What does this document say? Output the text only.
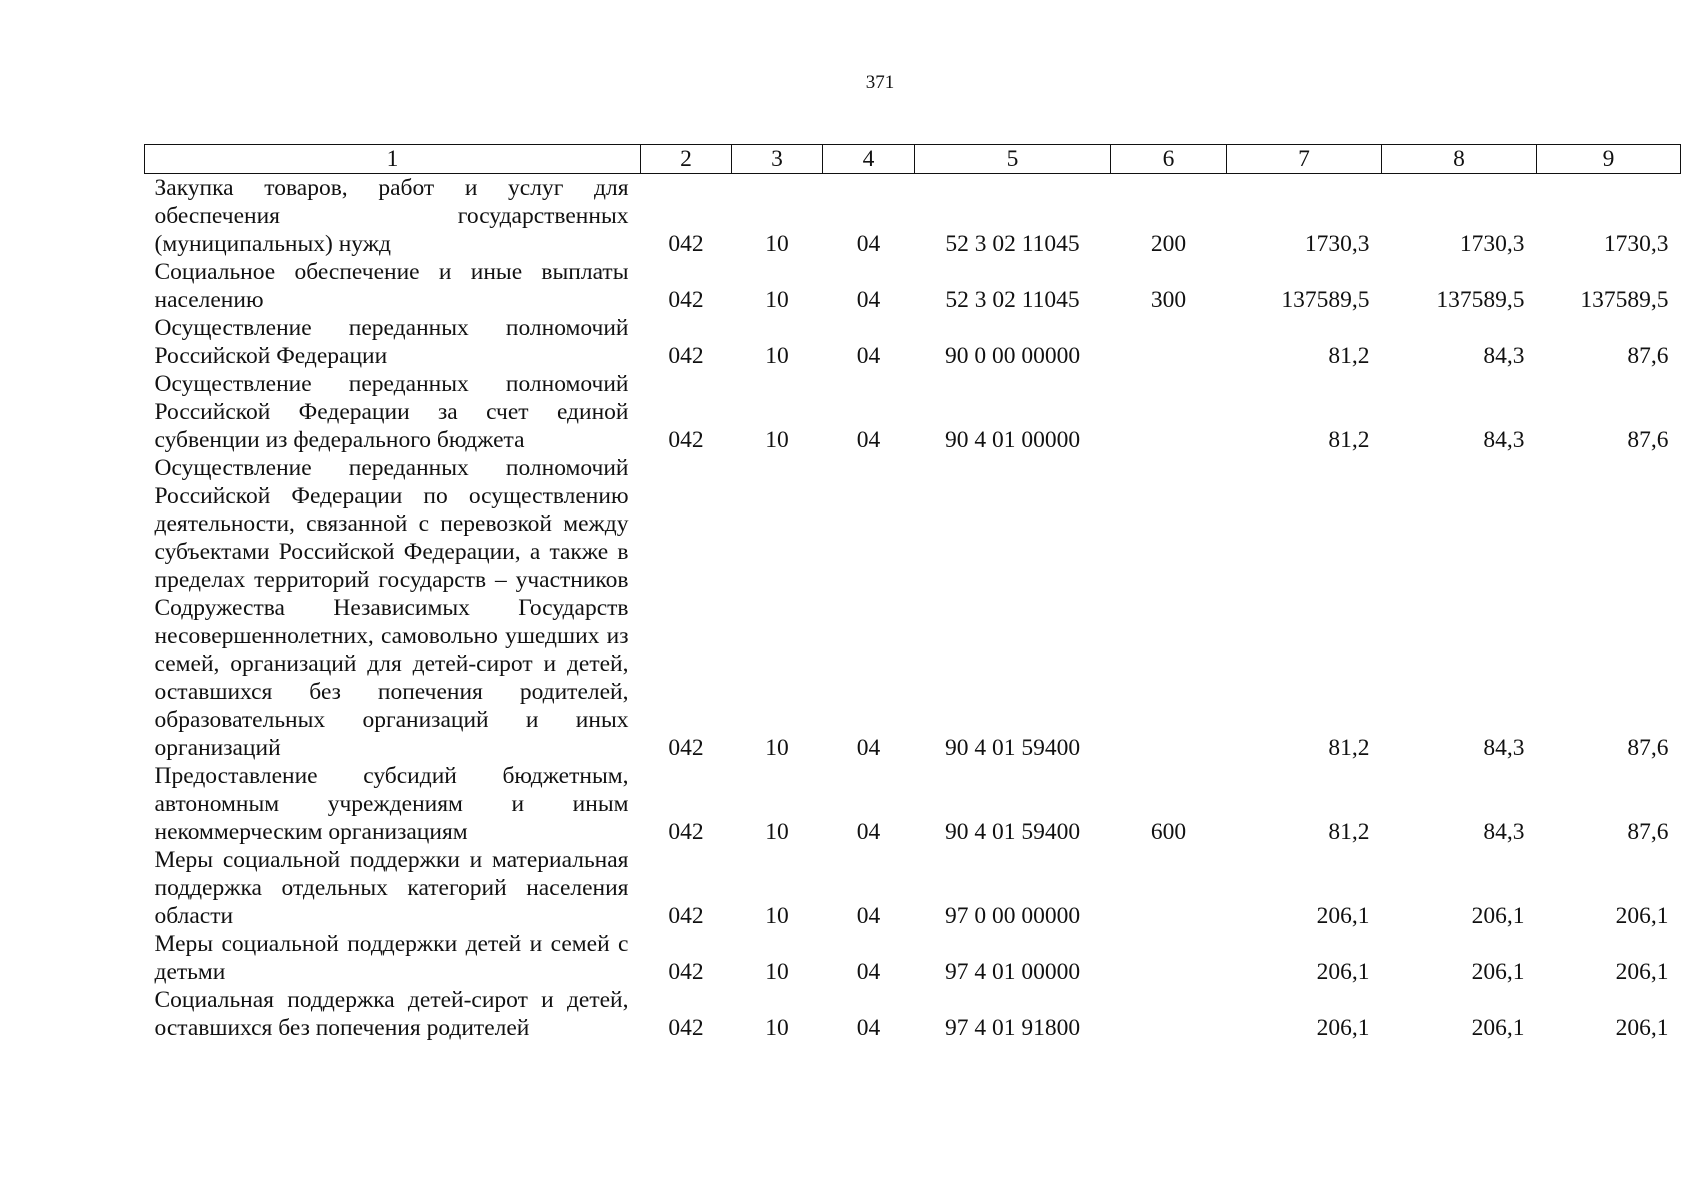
371
1	2	3	4	5	6	7	8	9
Закупка товаров, работ и услуг для обеспечения государственных (муниципальных) нужд	042	10	04	52 3 02 11045	200	1730,3	1730,3	1730,3
Социальное обеспечение и иные выплаты населению	042	10	04	52 3 02 11045	300	137589,5	137589,5	137589,5
Осуществление переданных полномочий Российской Федерации	042	10	04	90 0 00 00000		81,2	84,3	87,6
Осуществление переданных полномочий Российской Федерации за счет единой субвенции из федерального бюджета	042	10	04	90 4 01 00000		81,2	84,3	87,6
Осуществление переданных полномочий Российской Федерации по осуществлению деятельности, связанной с перевозкой между субъектами Российской Федерации, а также в пределах территорий государств – участников Содружества Независимых Государств несовершеннолетних, самовольно ушедших из семей, организаций для детей-сирот и детей, оставшихся без попечения родителей, образовательных организаций и иных организаций	042	10	04	90 4 01 59400		81,2	84,3	87,6
Предоставление субсидий бюджетным, автономным учреждениям и иным некоммерческим организациям	042	10	04	90 4 01 59400	600	81,2	84,3	87,6
Меры социальной поддержки и материальная поддержка отдельных категорий населения области	042	10	04	97 0 00 00000		206,1	206,1	206,1
Меры социальной поддержки детей и семей с детьми	042	10	04	97 4 01 00000		206,1	206,1	206,1
Социальная поддержка детей-сирот и детей, оставшихся без попечения родителей	042	10	04	97 4 01 91800		206,1	206,1	206,1
